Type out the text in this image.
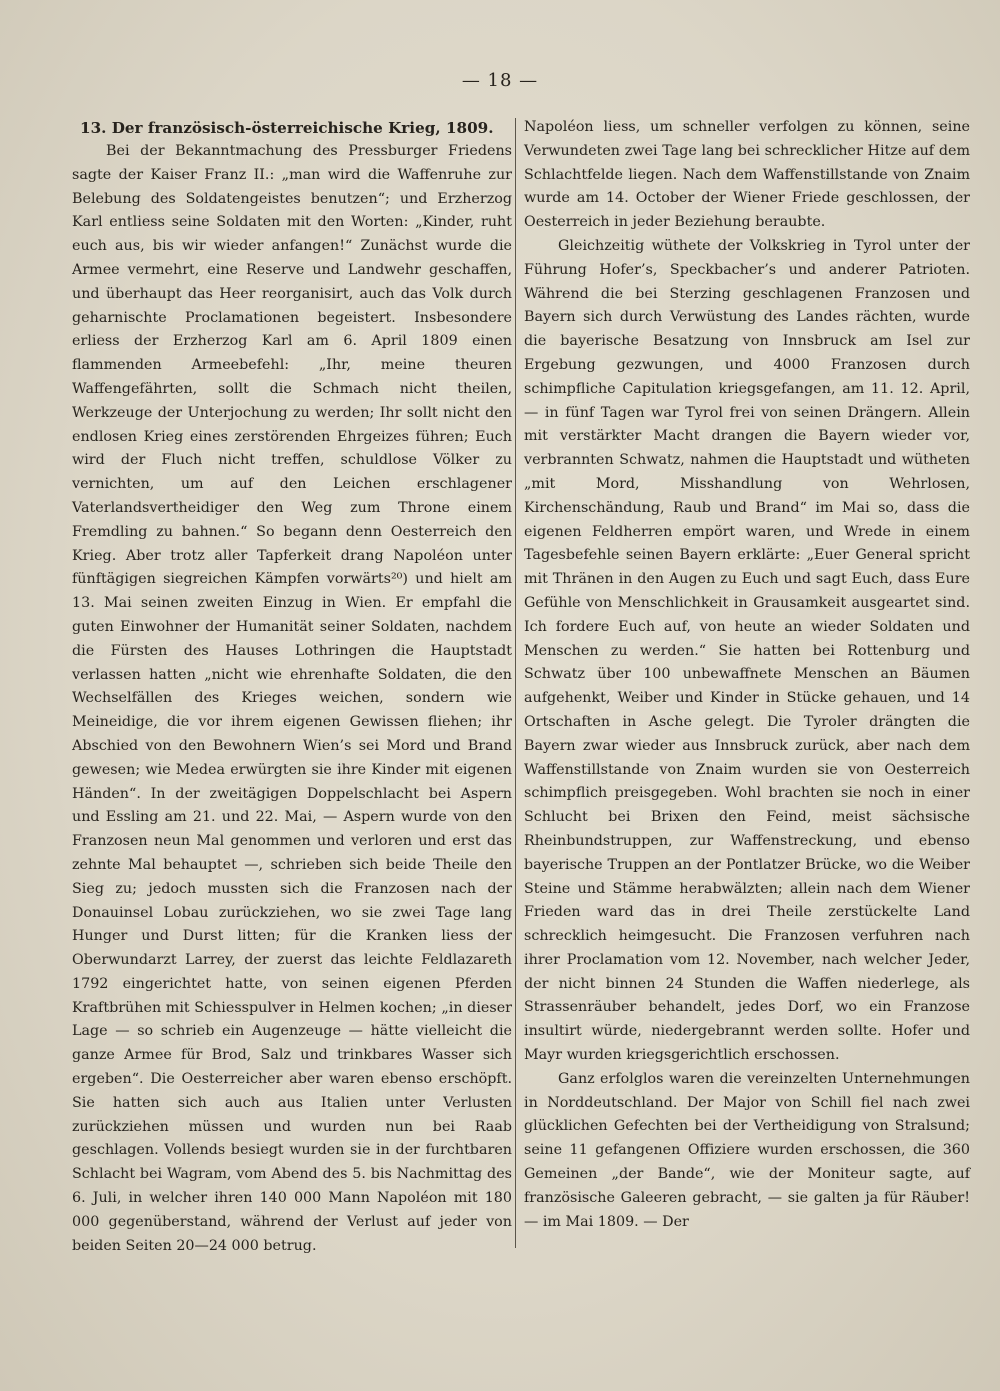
— 18 —
13. Der französisch-österreichische Krieg, 1809.

Bei der Bekanntmachung des Pressburger Friedens sagte der Kaiser Franz II.: „man wird die Waffenruhe zur Belebung des Soldatengeistes benutzen“; und Erzherzog Karl entliess seine Soldaten mit den Worten: „Kinder, ruht euch aus, bis wir wieder anfangen!“ Zunächst wurde die Armee vermehrt, eine Reserve und Landwehr geschaffen, und überhaupt das Heer reorganisirt, auch das Volk durch geharnischte Proclamationen begeistert. Insbesondere erliess der Erzherzog Karl am 6. April 1809 einen flammenden Armeebefehl: „Ihr, meine theuren Waffengefährten, sollt die Schmach nicht theilen, Werkzeuge der Unterjochung zu werden; Ihr sollt nicht den endlosen Krieg eines zerstörenden Ehrgeizes führen; Euch wird der Fluch nicht treffen, schuldlose Völker zu vernichten, um auf den Leichen erschlagener Vaterlandsvertheidiger den Weg zum Throne einem Fremdling zu bahnen.“ So begann denn Oesterreich den Krieg. Aber trotz aller Tapferkeit drang Napoléon unter fünftägigen siegreichen Kämpfen vorwärts²⁰) und hielt am 13. Mai seinen zweiten Einzug in Wien. Er empfahl die guten Einwohner der Humanität seiner Soldaten, nachdem die Fürsten des Hauses Lothringen die Hauptstadt verlassen hatten „nicht wie ehrenhafte Soldaten, die den Wechselfällen des Krieges weichen, sondern wie Meineidige, die vor ihrem eigenen Gewissen fliehen; ihr Abschied von den Bewohnern Wien’s sei Mord und Brand gewesen; wie Medea erwürgten sie ihre Kinder mit eigenen Händen“. In der zweitägigen Doppelschlacht bei Aspern und Essling am 21. und 22. Mai, — Aspern wurde von den Franzosen neun Mal genommen und verloren und erst das zehnte Mal behauptet —, schrieben sich beide Theile den Sieg zu; jedoch mussten sich die Franzosen nach der Donauinsel Lobau zurückziehen, wo sie zwei Tage lang Hunger und Durst litten; für die Kranken liess der Oberwundarzt Larrey, der zuerst das leichte Feldlazareth 1792 eingerichtet hatte, von seinen eigenen Pferden Kraftbrühen mit Schiesspulver in Helmen kochen; „in dieser Lage — so schrieb ein Augenzeuge — hätte vielleicht die ganze Armee für Brod, Salz und trinkbares Wasser sich ergeben“. Die Oesterreicher aber waren ebenso erschöpft. Sie hatten sich auch aus Italien unter Verlusten zurückziehen müssen und wurden nun bei Raab geschlagen. Vollends besiegt wurden sie in der furchtbaren Schlacht bei Wagram, vom Abend des 5. bis Nachmittag des 6. Juli, in welcher ihren 140 000 Mann Napoléon mit 180 000 gegenüberstand, während der Verlust auf jeder von beiden Seiten 20—24 000 betrug.

Napoléon liess, um schneller verfolgen zu können, seine Verwundeten zwei Tage lang bei schrecklicher Hitze auf dem Schlachtfelde liegen. Nach dem Waffenstillstande von Znaim wurde am 14. October der Wiener Friede geschlossen, der Oesterreich in jeder Beziehung beraubte.

Gleichzeitig wüthete der Volkskrieg in Tyrol unter der Führung Hofer’s, Speckbacher’s und anderer Patrioten. Während die bei Sterzing geschlagenen Franzosen und Bayern sich durch Verwüstung des Landes rächten, wurde die bayerische Besatzung von Innsbruck am Isel zur Ergebung gezwungen, und 4000 Franzosen durch schimpfliche Capitulation kriegsgefangen, am 11. 12. April, — in fünf Tagen war Tyrol frei von seinen Drängern. Allein mit verstärkter Macht drangen die Bayern wieder vor, verbrannten Schwatz, nahmen die Hauptstadt und wütheten „mit Mord, Misshandlung von Wehrlosen, Kirchenschändung, Raub und Brand“ im Mai so, dass die eigenen Feldherren empört waren, und Wrede in einem Tagesbefehle seinen Bayern erklärte: „Euer General spricht mit Thränen in den Augen zu Euch und sagt Euch, dass Eure Gefühle von Menschlichkeit in Grausamkeit ausgeartet sind. Ich fordere Euch auf, von heute an wieder Soldaten und Menschen zu werden.“ Sie hatten bei Rottenburg und Schwatz über 100 unbewaffnete Menschen an Bäumen aufgehenkt, Weiber und Kinder in Stücke gehauen, und 14 Ortschaften in Asche gelegt. Die Tyroler drängten die Bayern zwar wieder aus Innsbruck zurück, aber nach dem Waffenstillstande von Znaim wurden sie von Oesterreich schimpflich preisgegeben. Wohl brachten sie noch in einer Schlucht bei Brixen den Feind, meist sächsische Rheinbundstruppen, zur Waffenstreckung, und ebenso bayerische Truppen an der Pontlatzer Brücke, wo die Weiber Steine und Stämme herabwälzten; allein nach dem Wiener Frieden ward das in drei Theile zerstückelte Land schrecklich heimgesucht. Die Franzosen verfuhren nach ihrer Proclamation vom 12. November, nach welcher Jeder, der nicht binnen 24 Stunden die Waffen niederlege, als Strassenräuber behandelt, jedes Dorf, wo ein Franzose insultirt würde, niedergebrannt werden sollte. Hofer und Mayr wurden kriegsgerichtlich erschossen.

Ganz erfolglos waren die vereinzelten Unternehmungen in Norddeutschland. Der Major von Schill fiel nach zwei glücklichen Gefechten bei der Vertheidigung von Stralsund; seine 11 gefangenen Offiziere wurden erschossen, die 360 Gemeinen „der Bande“, wie der Moniteur sagte, auf französische Galeeren gebracht, — sie galten ja für Räuber! — im Mai 1809. — Der
